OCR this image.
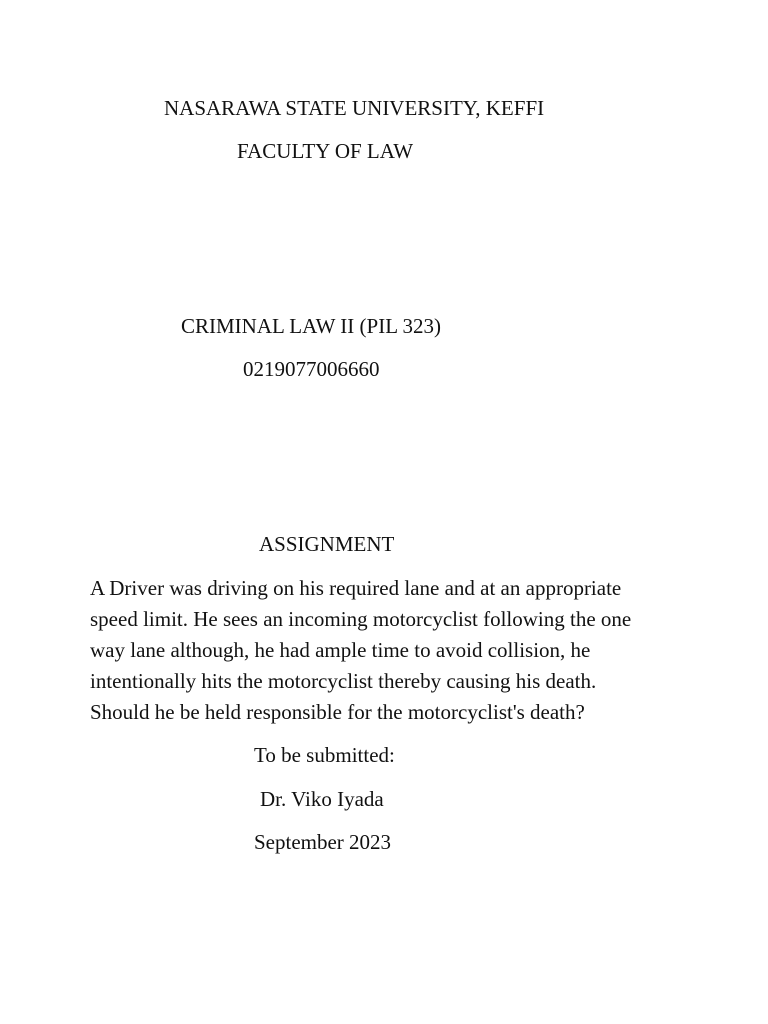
NASARAWA STATE UNIVERSITY, KEFFI
FACULTY OF LAW
CRIMINAL LAW II (PIL 323)
0219077006660
ASSIGNMENT
A Driver was driving on his required lane and at an appropriate
speed limit. He sees an incoming motorcyclist following the one
way lane although, he had ample time to avoid collision, he
intentionally hits the motorcyclist thereby causing his death.
Should he be held responsible for the motorcyclist's death?
To be submitted:
Dr. Viko Iyada
September 2023
